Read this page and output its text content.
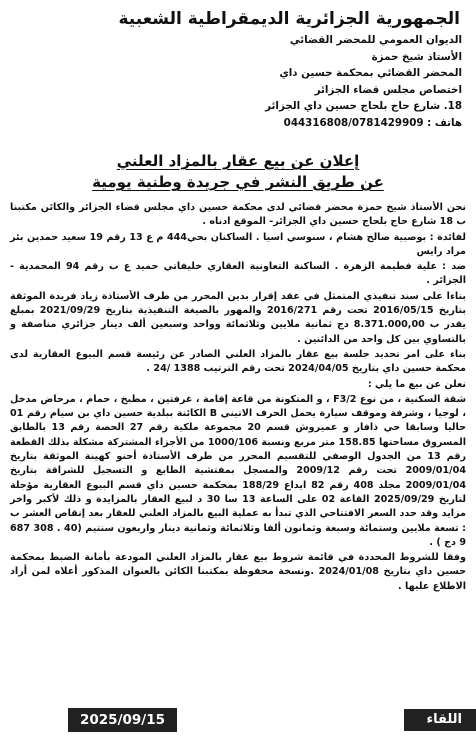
الجمهورية الجزائرية الديمقراطية الشعبية
الديوان العمومي للمحضر القضائي
الأستاذ شيخ حمزة
المحضر القضائي بمحكمة حسين داي
اختصاص مجلس قضاء الجزائر
18. شارع حاج بلحاج حسين داي الجزائر
هاتف : 044316808/0781429909
إعلان عن بيع عقار بالمزاد العلني
عن طريق النشر في جريدة وطنية يومية

نحن الأستاذ شيخ حمزة محضر قضائي لدى محكمة حسين داي مجلس قضاء الجزائر والكائن مكتبنا ب 18 شارع حاج بلحاج حسين داي الجزائر- الموقع ادناه .

لفائدة : بوصبية صالح هشام ، سنوسي اسيا . الساكنان بحي444 م ع 13 رقم 19 سعيد حمدين بئر مراد رايس

ضد : علية فطيمة الزهرة . الساكنة التعاونية العقاري خليفاتي حميد ع ب رقم 94 المحمدية - الجزائر .

بناءا على سند تنفيذي المتمثل في عقد إقرار بدين المحرر من طرف الأستاذة زياد فريدة الموثقة بتاريخ 2016/05/15 تحت رقم 2016/271 والمهور بالصيغة التنفيذية بتاريخ 2021/09/29 بمبلغ يقدر ب 8.371.000,00 دج ثمانية ملايين وثلاثمائة وواحد وسبعين ألف دينار جزائري مناصفة و بالتساوي بين كل واحد من الدائنين .

بناء على امر تحديد جلسة بيع عقار بالمزاد العلني الصادر عن رئيسة قسم البيوع العقارية لدى محكمة حسين داي بتاريخ 2024/04/05 تحت رقم الترتيب 1388 /24 .

نعلن عن بيع ما يلي :

شقة السكنية ، من نوع F3/2 ، و المتكونة من قاعة إقامة ، غرفتين ، مطبخ ، حمام ، مرحاض مدخل ، لوجيا ، وشرفة وموقف سيارة يحمل الحرف الاتيني B الكائنة ببلدية حسين داي بن سيام رقم 01 حاليا وسابقا حي ذافار و عميروش قسم 20 مجموعة ملكية رقم 27 الحصة رقم 13 بالطابق المسروق مساحتها 158.85 متر مربع ونسبة 1000/106 من الأجزاء المشتركة مشكلة بذلك القطعة رقم 13 من الجدول الوصفي للتقسيم المحرر من طرف الأستاذة أحنو كهينة الموثقة بتاريخ 2009/01/04 تحت رقم 2009/12 والمسجل بمفتشية الطابع و التسجيل للشراقة بتاريخ 2009/01/04 مجلد 408 رقم 82 ايداع 188/29 بمحكمة حسين داي قسم البيوع العقارية مؤجلة لتاريخ 2025/09/29 القاعة 02 على الساعة 13 سا 30 د لبيع العقار بالمزايدة و ذلك لأكبر واخر مزايد وقد حدد السعر الافتتاحي الذي تبدأ به عملية البيع بالمزاد العلني للعقار بعد إنقاص العشر ب : تسعة ملايين وستمائة وسبعة وثمانون ألفا وثلاثمائة وثمانية دينار واربعون سنتيم (40 . 308 687 9 دج ) .

وفقا للشروط المحددة في قائمة شروط بيع عقار بالمزاد العلني المودعة بأمانة الضبط بمحكمة حسين داي بتاريخ 2024/01/08 .ونسخة محفوظة بمكتبنا الكائن بالعنوان المذكور أعلاه لمن أراد الاطلاع عليها .

2025/09/15	اللقاء
